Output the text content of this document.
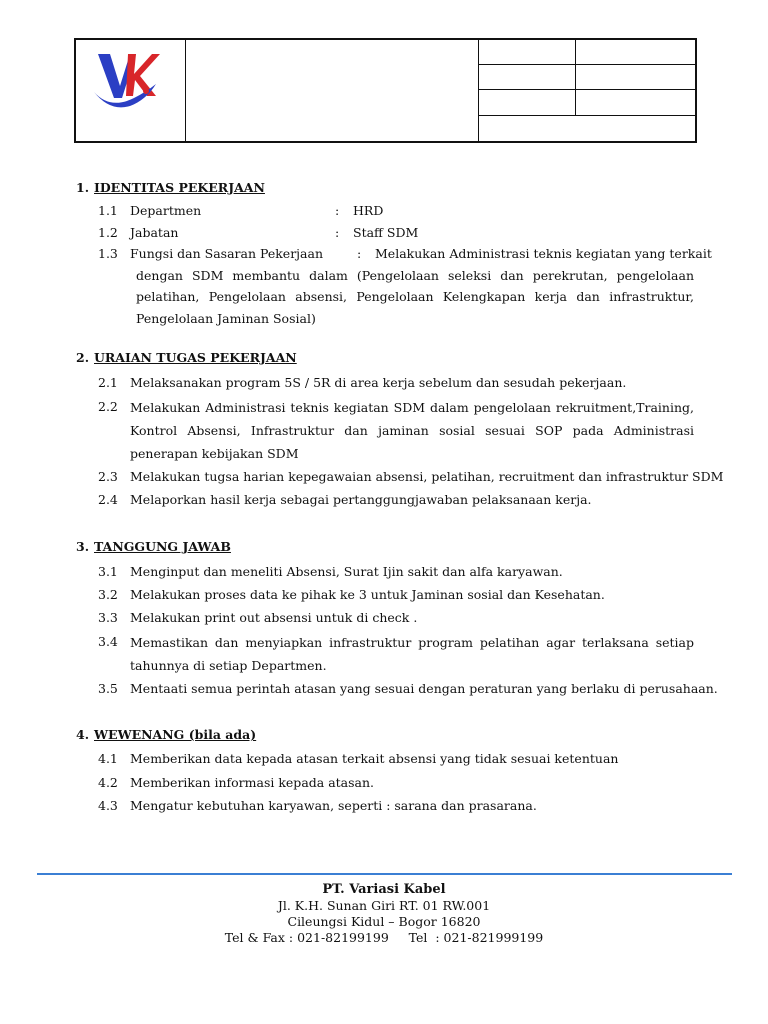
1. IDENTITAS PEKERJAAN
1.1 Departmen	: HRD
1.2 Jabatan	: Staff SDM
1.3 Fungsi dan Sasaran Pekerjaan	: Melakukan Administrasi teknis kegiatan yang terkait
dengan SDM membantu dalam (Pengelolaan seleksi dan perekrutan, pengelolaan pelatihan, Pengelolaan absensi, Pengelolaan Kelengkapan kerja dan infrastruktur, Pengelolaan Jaminan Sosial)
2. URAIAN TUGAS PEKERJAAN
2.1 Melaksanakan program 5S / 5R di area kerja sebelum dan sesudah pekerjaan.
2.2 Melakukan Administrasi teknis kegiatan SDM dalam pengelolaan rekruitment,Training, Kontrol Absensi, Infrastruktur dan jaminan sosial sesuai SOP pada Administrasi penerapan kebijakan SDM
2.3 Melakukan tugsa harian kepegawaian absensi, pelatihan, recruitment dan infrastruktur SDM
2.4 Melaporkan hasil kerja sebagai pertanggungjawaban pelaksanaan kerja.
3. TANGGUNG JAWAB
3.1 Menginput dan meneliti Absensi, Surat Ijin sakit dan alfa karyawan.
3.2 Melakukan proses data ke pihak ke 3 untuk Jaminan sosial dan Kesehatan.
3.3 Melakukan print out absensi untuk di check .
3.4 Memastikan dan menyiapkan infrastruktur program pelatihan agar terlaksana setiap tahunnya di setiap Departmen.
3.5 Mentaati semua perintah atasan yang sesuai dengan peraturan yang berlaku di perusahaan.
4. WEWENANG (bila ada)
4.1 Memberikan data kepada atasan terkait absensi yang tidak sesuai ketentuan
4.2 Memberikan informasi kepada atasan.
4.3 Mengatur kebutuhan karyawan, seperti : sarana dan prasarana.
PT. Variasi Kabel
Jl. K.H. Sunan Giri RT. 01 RW.001
Cileungsi Kidul – Bogor 16820
Tel & Fax : 021-82199199     Tel  : 021-821999199
